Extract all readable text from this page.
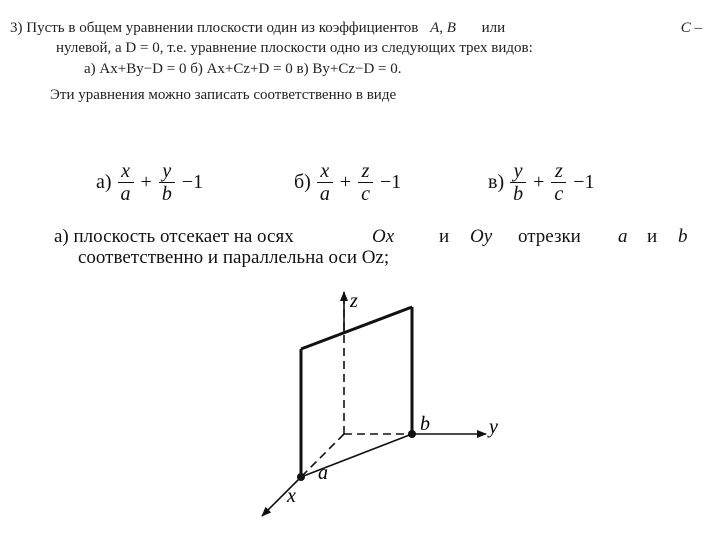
3) Пусть в общем уравнении плоскости один из коэффициентов A, B или	C –
нулевой, а D = 0, т.е. уравнение плоскости одно из следующих трех видов:
а) Ax+By−D = 0 б) Ax+Cz+D = 0 в) By+Cz−D = 0.
Эти уравнения можно записать соответственно в виде
$а) \frac{x}{a} + \frac{y}{b} -1$	$б) \frac{x}{a} + \frac{z}{c} -1$	$в) \frac{y}{b} + \frac{z}{c} -1$
а) плоскость отсекает на осях	Ox и Oy отрезки a и b
соответственно и параллельна оси Oz;
z
y
x
b
a
